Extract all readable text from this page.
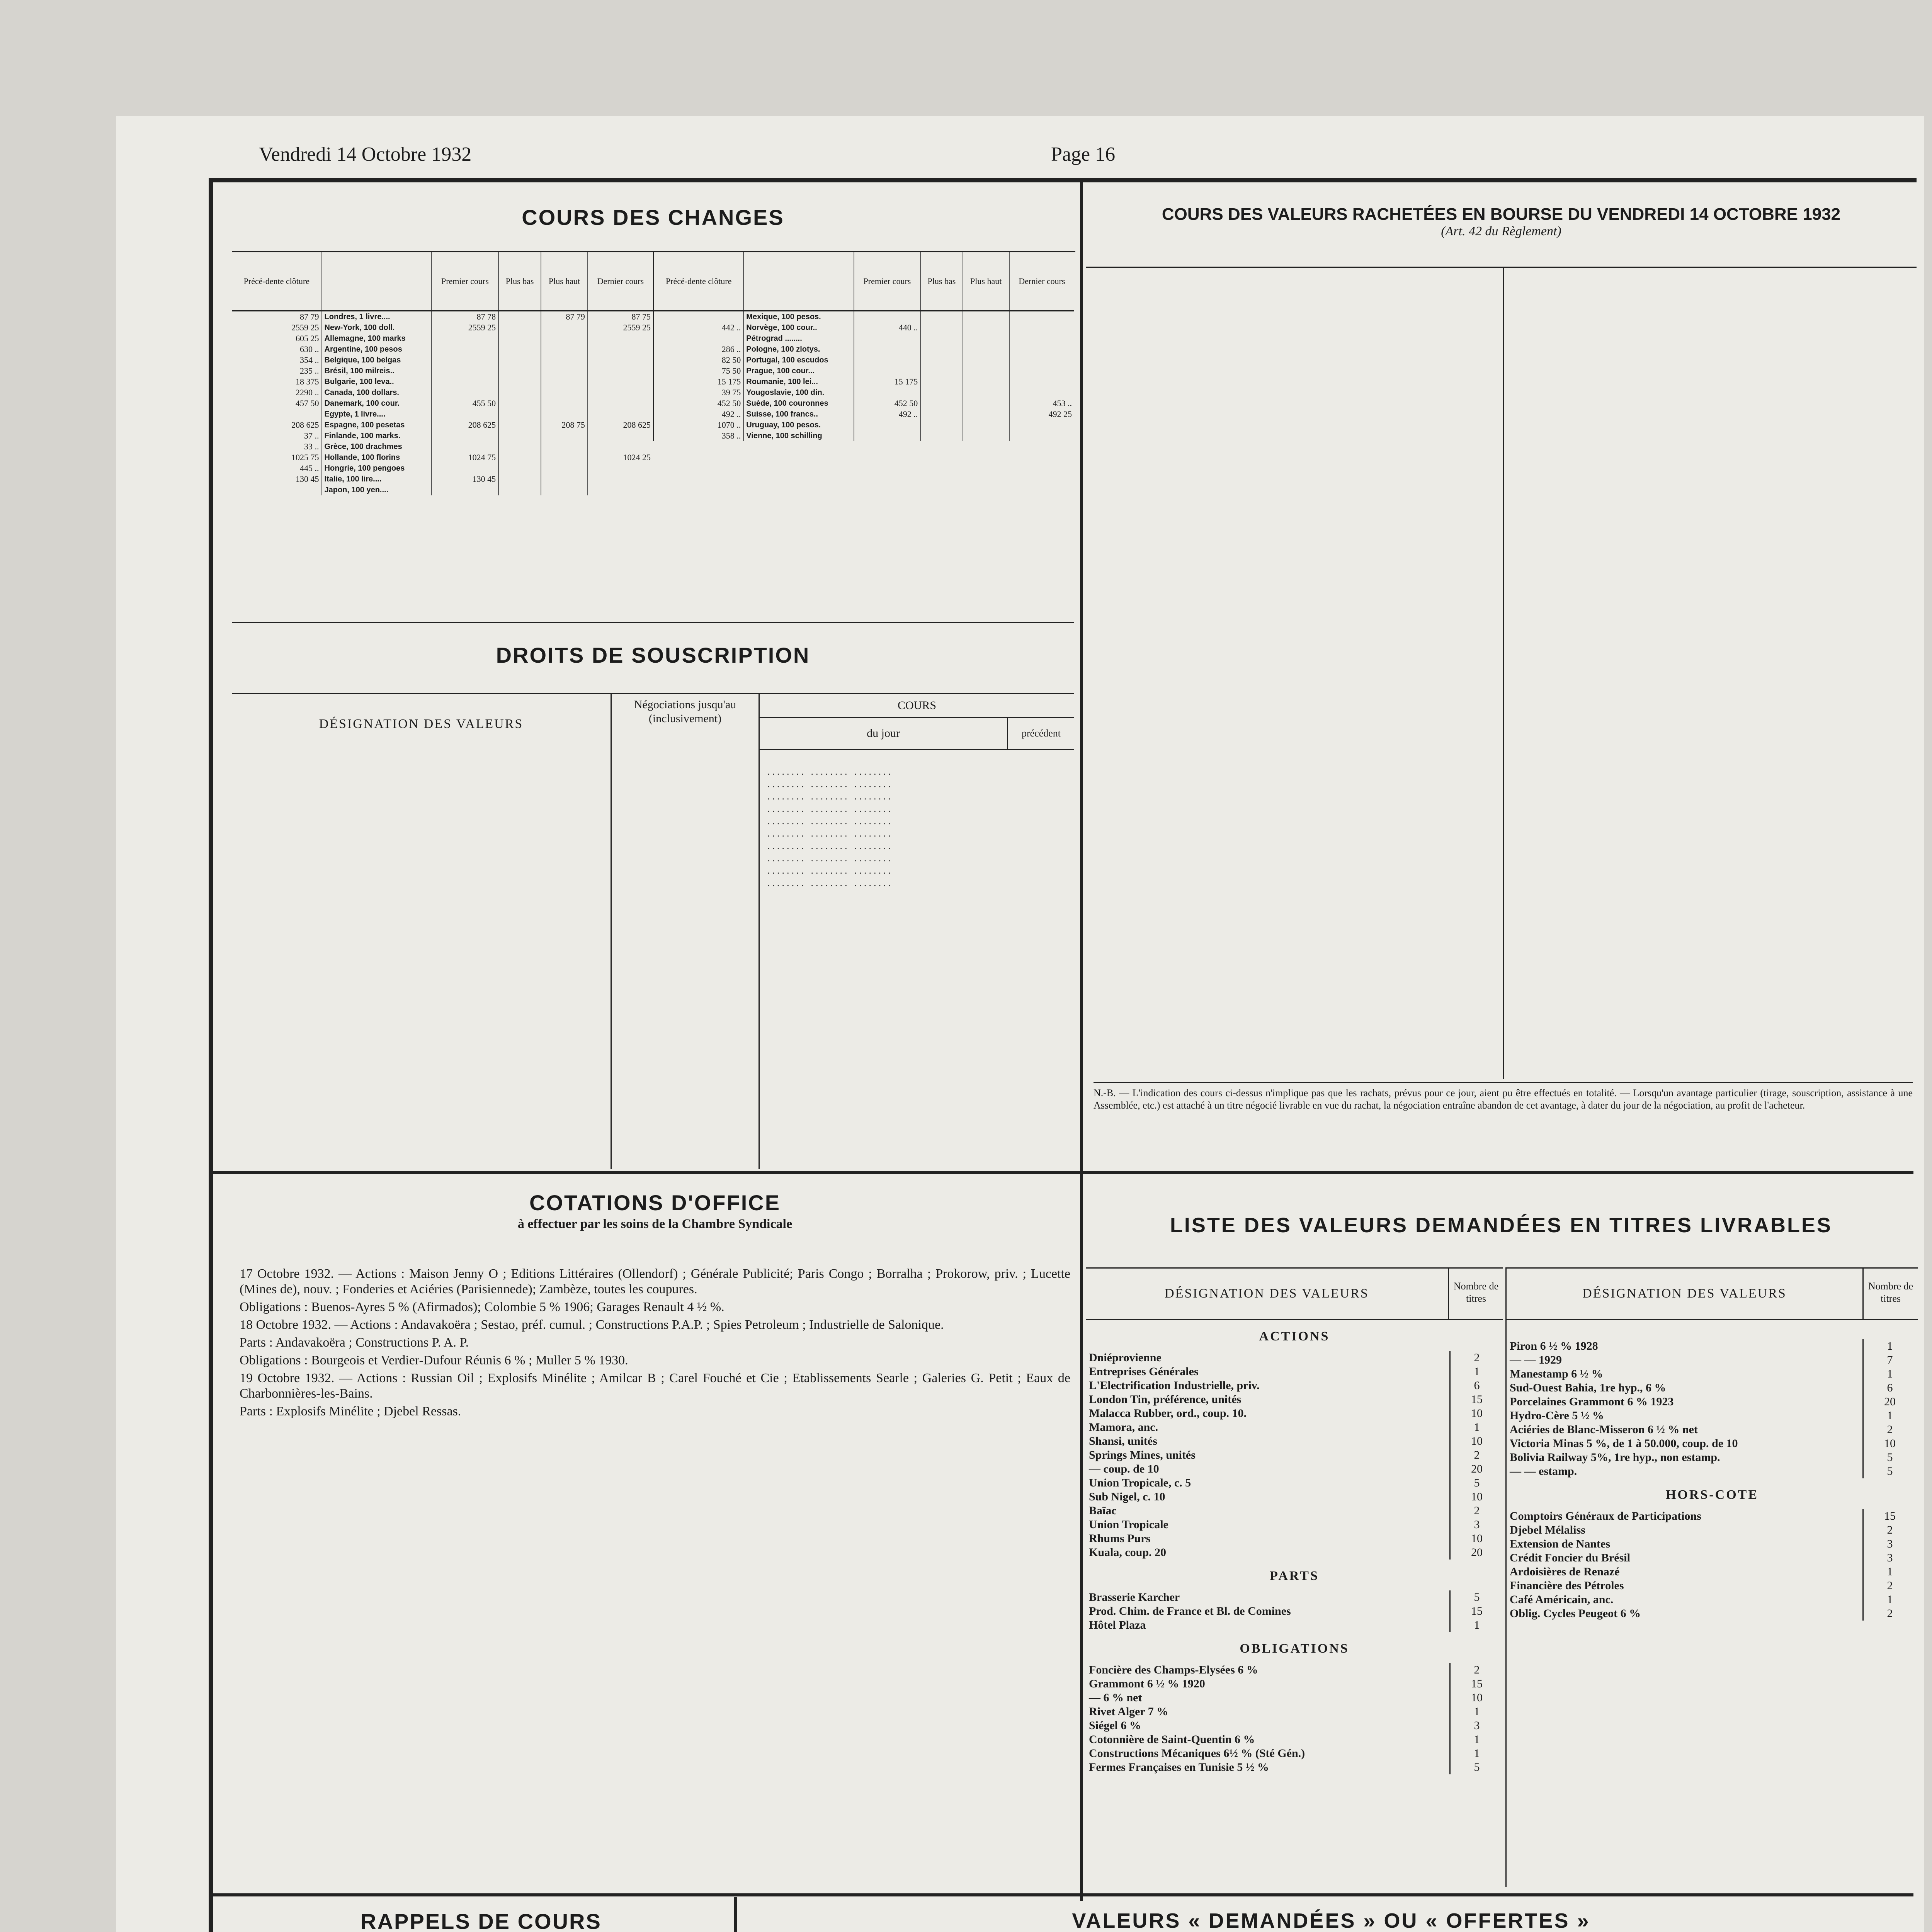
Vendredi 14 Octobre 1932	Page 16
COURS DES CHANGES
Précé-dente clôture		Premier cours	Plus bas	Plus haut	Dernier cours
87 79	Londres, 1 livre....	87 78		87 79	87 75
2559 25	New-York, 100 doll.	2559 25			2559 25
605 25	Allemagne, 100 marks				
630 ..	Argentine, 100 pesos				
354 ..	Belgique, 100 belgas				
235 ..	Brésil, 100 milreis..				
18 375	Bulgarie, 100 leva..				
2290 ..	Canada, 100 dollars.				
457 50	Danemark, 100 cour.	455 50			
	Egypte, 1 livre....				
208 625	Espagne, 100 pesetas	208 625		208 75	208 625
37 ..	Finlande, 100 marks.				
33 ..	Grèce, 100 drachmes				
1025 75	Hollande, 100 florins	1024 75			1024 25
445 ..	Hongrie, 100 pengoes				
130 45	Italie, 100 lire....	130 45			
	Japon, 100 yen....				
Précé-dente clôture		Premier cours	Plus bas	Plus haut	Dernier cours
	Mexique, 100 pesos.				
442 ..	Norvège, 100 cour..	440 ..			
	Pétrograd ........				
286 ..	Pologne, 100 zlotys.				
82 50	Portugal, 100 escudos				
75 50	Prague, 100 cour...				
15 175	Roumanie, 100 lei...	15 175			
39 75	Yougoslavie, 100 din.				
452 50	Suède, 100 couronnes	452 50			453 ..
492 ..	Suisse, 100 francs..	492 ..			492 25
1070 ..	Uruguay, 100 pesos.				
358 ..	Vienne, 100 schilling				
DROITS DE SOUSCRIPTION
DÉSIGNATION DES VALEURS
Négociations jusqu'au (inclusivement)
COURS
du jour	précédent
........ ........ ........
........ ........ ........
........ ........ ........
........ ........ ........
........ ........ ........
........ ........ ........
........ ........ ........
........ ........ ........
........ ........ ........
........ ........ ........
COURS DES VALEURS RACHETÉES EN BOURSE DU VENDREDI 14 OCTOBRE 1932
(Art. 42 du Règlement)
N.-B. — L'indication des cours ci-dessus n'implique pas que les rachats, prévus pour ce jour, aient pu être effectués en totalité. — Lorsqu'un avantage particulier (tirage, souscription, assistance à une Assemblée, etc.) est attaché à un titre négocié livrable en vue du rachat, la négociation entraîne abandon de cet avantage, à dater du jour de la négociation, au profit de l'acheteur.
COTATIONS D'OFFICE
à effectuer par les soins de la Chambre Syndicale
17 Octobre 1932. — Actions : Maison Jenny O ; Editions Littéraires (Ollendorf) ; Générale Publicité; Paris Congo ; Borralha ; Prokorow, priv. ; Lucette (Mines de), nouv. ; Fonderies et Aciéries (Parisiennede); Zambèze, toutes les coupures.
Obligations : Buenos-Ayres 5 % (Afirmados); Colombie 5 % 1906; Garages Renault 4 ½ %.
18 Octobre 1932. — Actions : Andavakoëra ; Sestao, préf. cumul. ; Constructions P.A.P. ; Spies Petroleum ; Industrielle de Salonique.
Parts : Andavakoëra ; Constructions P. A. P.
Obligations : Bourgeois et Verdier-Dufour Réunis 6 % ; Muller 5 % 1930.
19 Octobre 1932. — Actions : Russian Oil ; Explosifs Minélite ; Amilcar B ; Carel Fouché et Cie ; Etablissements Searle ; Galeries G. Petit ; Eaux de Charbonnières-les-Bains.
Parts : Explosifs Minélite ; Djebel Ressas.
LISTE DES VALEURS DEMANDÉES EN TITRES LIVRABLES
DÉSIGNATION DES VALEURS
Nombre de titres
ACTIONS
Dniéprovienne	2
Entreprises Générales	1
L'Electrification Industrielle, priv.	6
London Tin, préférence, unités	15
Malacca Rubber, ord., coup. 10.	10
Mamora, anc.	1
Shansi, unités	10
Springs Mines, unités	2
— coup. de 10	20
Union Tropicale, c. 5	5
Sub Nigel, c. 10	10
Baïac	2
Union Tropicale	3
Rhums Purs	10
Kuala, coup. 20	20
PARTS
Brasserie Karcher	5
Prod. Chim. de France et Bl. de Comines	15
Hôtel Plaza	1
OBLIGATIONS
Foncière des Champs-Elysées 6 %	2
Grammont 6 ½ % 1920	15
— 6 % net	10
Rivet Alger 7 %	1
Siégel 6 %	3
Cotonnière de Saint-Quentin 6 %	1
Constructions Mécaniques 6½ % (Sté Gén.)	1
Fermes Françaises en Tunisie 5 ½ %	5
DÉSIGNATION DES VALEURS
Nombre de titres
Piron 6 ½ % 1928	1
— — 1929	7
Manestamp 6 ½ %	1
Sud-Ouest Bahia, 1re hyp., 6 %	6
Porcelaines Grammont 6 % 1923	20
Hydro-Cère 5 ½ %	1
Aciéries de Blanc-Misseron 6 ½ % net	2
Victoria Minas 5 %, de 1 à 50.000, coup. de 10	10
Bolivia Railway 5%, 1re hyp., non estamp.	5
— — estamp.	5
HORS-COTE
Comptoirs Généraux de Participations	15
Djebel Mélaliss	2
Extension de Nantes	3
Crédit Foncier du Brésil	3
Ardoisières de Renazé	1
Financière des Pétroles	2
Café Américain, anc.	1
Oblig. Cycles Peugeot 6 %	2
RAPPELS DE COURS	VALEURS « DEMANDÉES » OU « OFFERTES »
